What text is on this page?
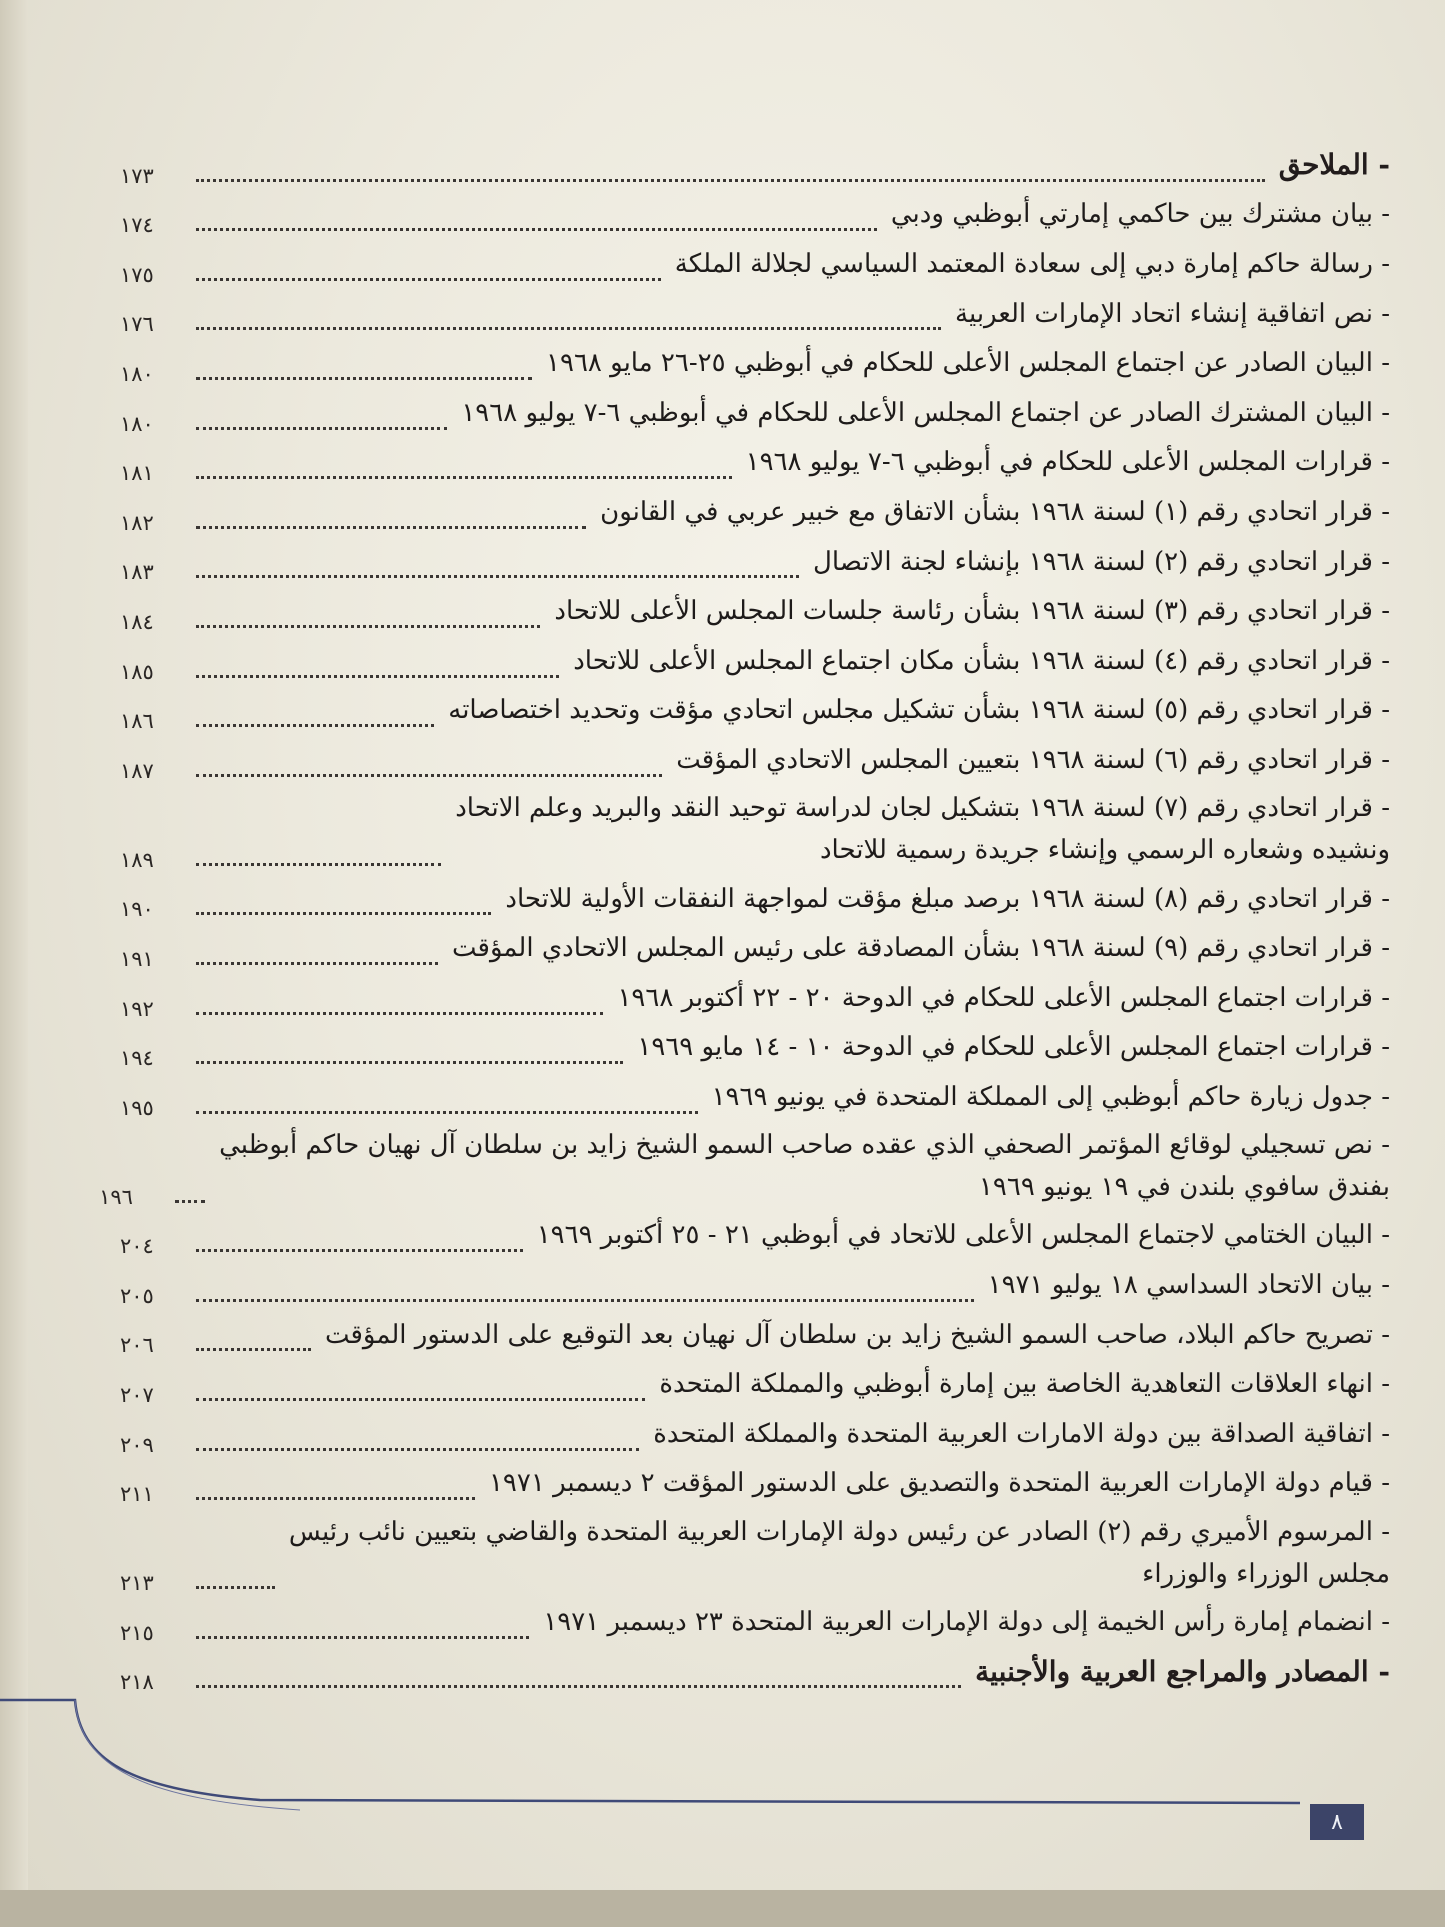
- الملاحق
١٧٣
- بيان مشترك بين حاكمي إمارتي أبوظبي ودبي
١٧٤
- رسالة حاكم إمارة دبي إلى سعادة المعتمد السياسي لجلالة الملكة
١٧٥
- نص اتفاقية إنشاء اتحاد الإمارات العربية
١٧٦
- البيان الصادر عن اجتماع المجلس الأعلى للحكام في أبوظبي ٢٥-٢٦ مايو ١٩٦٨
١٨٠
- البيان المشترك الصادر عن اجتماع المجلس الأعلى للحكام في أبوظبي ٦-٧ يوليو ١٩٦٨
١٨٠
- قرارات المجلس الأعلى للحكام في أبوظبي ٦-٧ يوليو ١٩٦٨
١٨١
- قرار اتحادي رقم (١) لسنة ١٩٦٨ بشأن الاتفاق مع خبير عربي في القانون
١٨٢
- قرار اتحادي رقم (٢) لسنة ١٩٦٨ بإنشاء لجنة الاتصال
١٨٣
- قرار اتحادي رقم (٣) لسنة ١٩٦٨ بشأن رئاسة جلسات المجلس الأعلى للاتحاد
١٨٤
- قرار اتحادي رقم (٤) لسنة ١٩٦٨ بشأن مكان اجتماع المجلس الأعلى للاتحاد
١٨٥
- قرار اتحادي رقم (٥) لسنة ١٩٦٨ بشأن تشكيل مجلس اتحادي مؤقت وتحديد اختصاصاته
١٨٦
- قرار اتحادي رقم (٦) لسنة ١٩٦٨ بتعيين المجلس الاتحادي المؤقت
١٨٧
- قرار اتحادي رقم (٧) لسنة ١٩٦٨ بتشكيل لجان لدراسة توحيد النقد والبريد وعلم الاتحاد
ونشيده وشعاره الرسمي وإنشاء جريدة رسمية للاتحاد
١٨٩
- قرار اتحادي رقم (٨) لسنة ١٩٦٨ برصد مبلغ مؤقت لمواجهة النفقات الأولية للاتحاد
١٩٠
- قرار اتحادي رقم (٩) لسنة ١٩٦٨ بشأن المصادقة على رئيس المجلس الاتحادي المؤقت
١٩١
- قرارات اجتماع المجلس الأعلى للحكام في الدوحة ٢٠ - ٢٢ أكتوبر ١٩٦٨
١٩٢
- قرارات اجتماع المجلس الأعلى للحكام في الدوحة ١٠ - ١٤ مايو ١٩٦٩
١٩٤
- جدول زيارة حاكم أبوظبي إلى المملكة المتحدة في يونيو ١٩٦٩
١٩٥
- نص تسجيلي لوقائع المؤتمر الصحفي الذي عقده صاحب السمو الشيخ زايد بن سلطان آل نهيان حاكم أبوظبي
بفندق سافوي بلندن في ١٩ يونيو ١٩٦٩
١٩٦
- البيان الختامي لاجتماع المجلس الأعلى للاتحاد في أبوظبي ٢١ - ٢٥ أكتوبر ١٩٦٩
٢٠٤
- بيان الاتحاد السداسي ١٨ يوليو ١٩٧١
٢٠٥
- تصريح حاكم البلاد، صاحب السمو الشيخ زايد بن سلطان آل نهيان بعد التوقيع على الدستور المؤقت
٢٠٦
- انهاء العلاقات التعاهدية الخاصة بين إمارة أبوظبي والمملكة المتحدة
٢٠٧
- اتفاقية الصداقة بين دولة الامارات العربية المتحدة والمملكة المتحدة
٢٠٩
- قيام دولة الإمارات العربية المتحدة والتصديق على الدستور المؤقت ٢ ديسمبر ١٩٧١
٢١١
- المرسوم الأميري رقم (٢) الصادر عن رئيس دولة الإمارات العربية المتحدة والقاضي بتعيين نائب رئيس
مجلس الوزراء والوزراء
٢١٣
- انضمام إمارة رأس الخيمة إلى دولة الإمارات العربية المتحدة ٢٣ ديسمبر ١٩٧١
٢١٥
- المصادر والمراجع العربية والأجنبية
٢١٨
٨
